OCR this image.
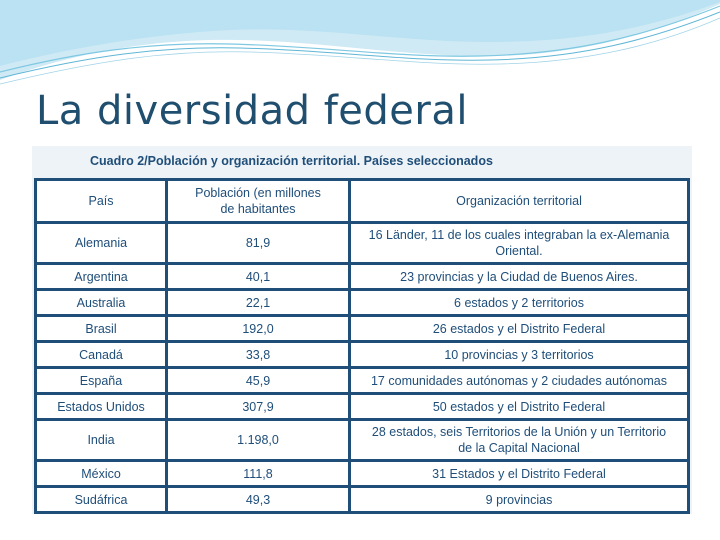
La diversidad federal

Cuadro 2/Población y organización territorial. Países seleccionados

País	Población (en millones
de habitantes	Organización territorial
Alemania	81,9	16 Länder, 11 de los cuales integraban la ex-Alemania
Oriental.
Argentina	40,1	23 provincias y la Ciudad de Buenos Aires.
Australia	22,1	6 estados y 2 territorios
Brasil	192,0	26 estados y el Distrito Federal
Canadá	33,8	10 provincias y 3 territorios
España	45,9	17 comunidades autónomas y 2 ciudades autónomas
Estados Unidos	307,9	50 estados y el Distrito Federal
India	1.198,0	28 estados, seis Territorios de la Unión y un Territorio
de la Capital Nacional
México	111,8	31 Estados y el Distrito Federal
Sudáfrica	49,3	9 provincias
